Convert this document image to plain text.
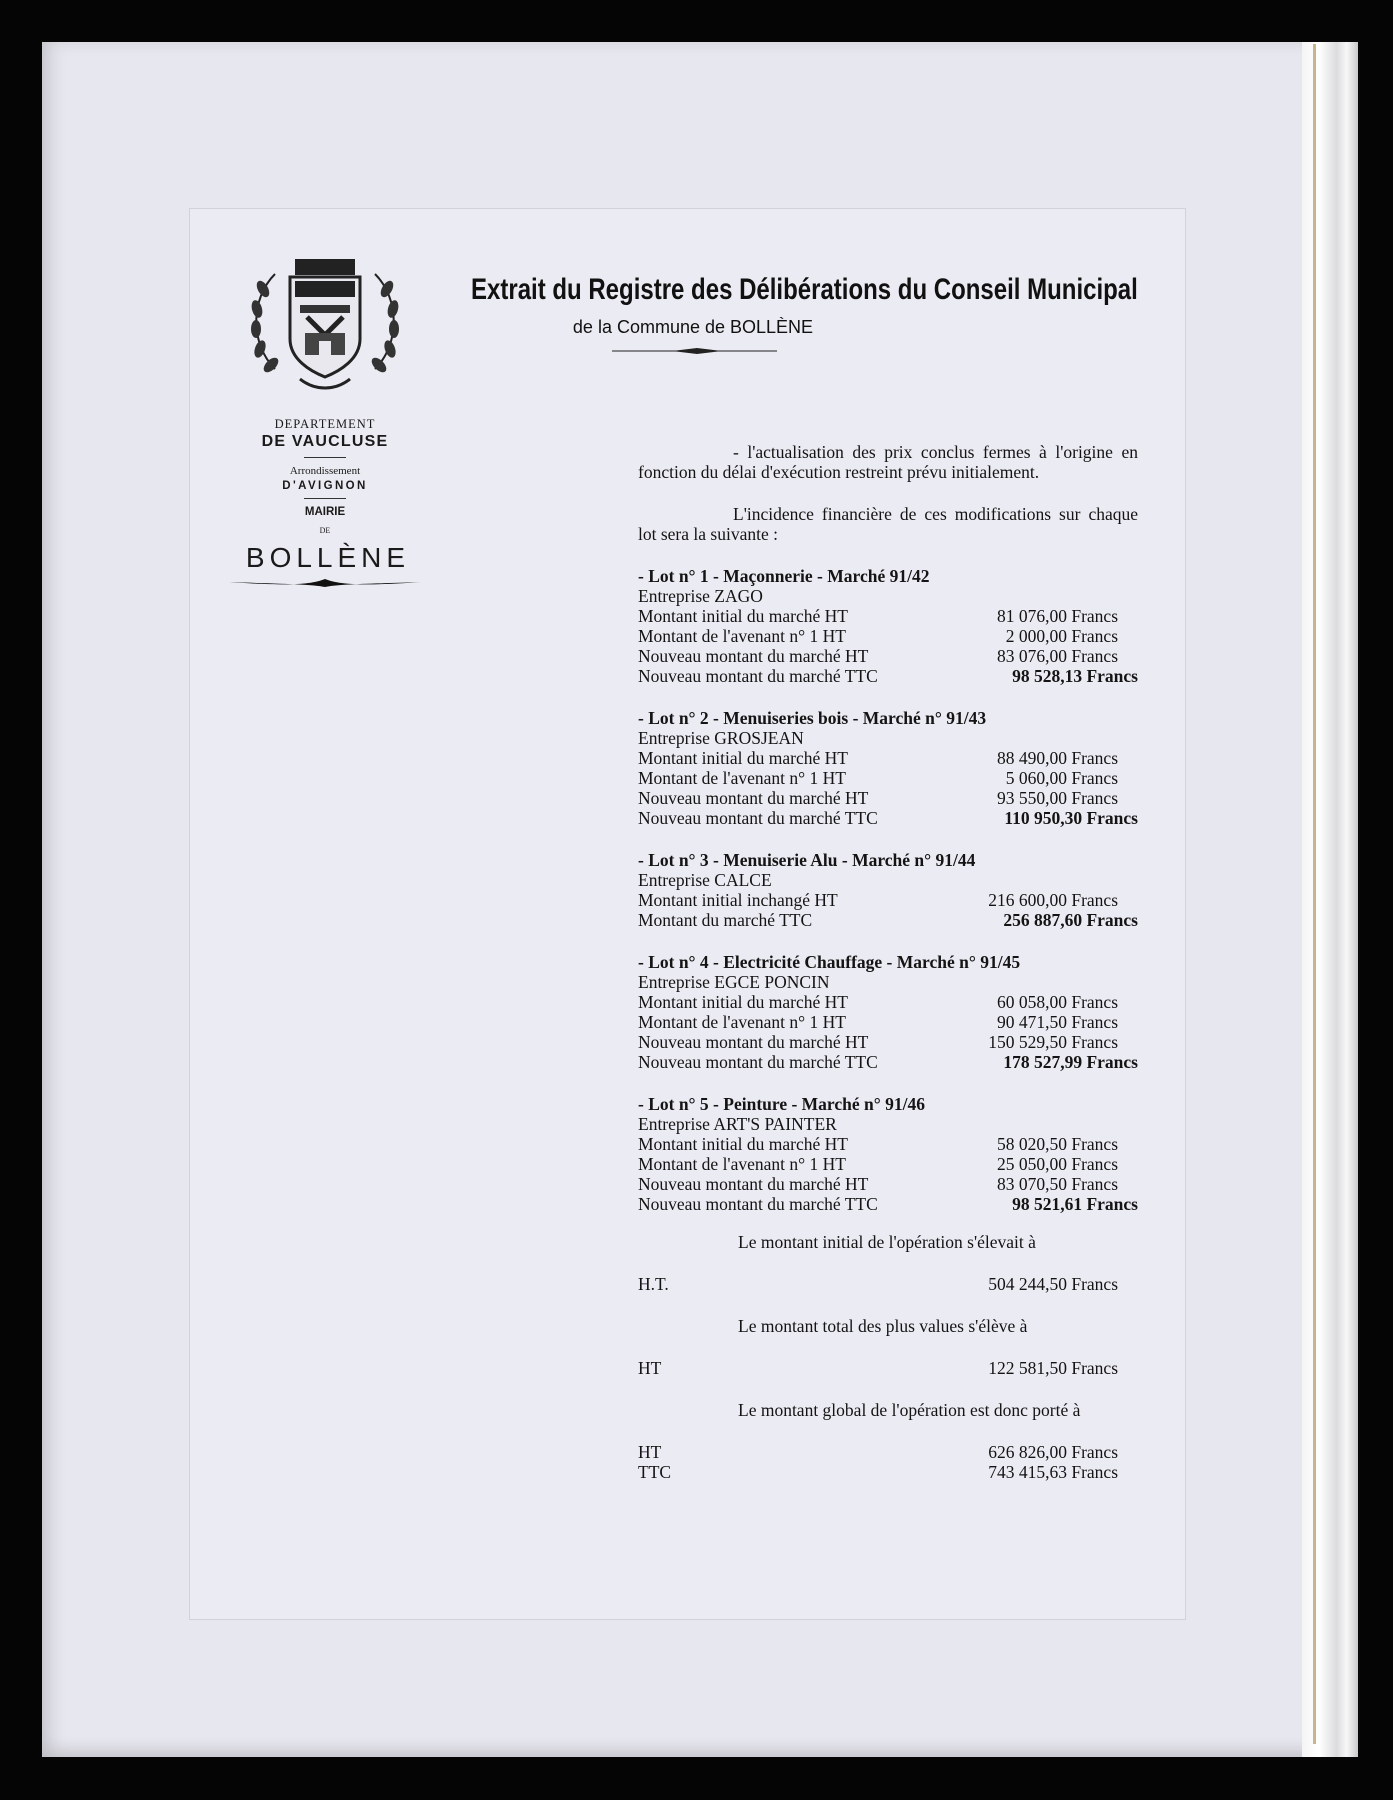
DEPARTEMENT
DE VAUCLUSE
Arrondissement
D'AVIGNON
MAIRIE
DE
BOLLÈNE
Extrait du Registre des Délibérations du Conseil Municipal
de la Commune de BOLLÈNE

- l'actualisation des prix conclus fermes à l'origine en fonction du délai d'exécution restreint prévu initialement.

L'incidence financière de ces modifications sur chaque lot sera la suivante :

- Lot n° 1 - Maçonnerie - Marché 91/42
Entreprise ZAGO
Montant initial du marché HT	81 076,00 Francs
Montant de l'avenant n° 1 HT	2 000,00 Francs
Nouveau montant du marché HT	83 076,00 Francs
Nouveau montant du marché TTC	98 528,13 Francs
- Lot n° 2 - Menuiseries bois - Marché n° 91/43
Entreprise GROSJEAN
Montant initial du marché HT	88 490,00 Francs
Montant de l'avenant n° 1 HT	5 060,00 Francs
Nouveau montant du marché HT	93 550,00 Francs
Nouveau montant du marché TTC	110 950,30 Francs
- Lot n° 3 - Menuiserie Alu - Marché n° 91/44
Entreprise CALCE
Montant initial inchangé HT	216 600,00 Francs
Montant du marché TTC	256 887,60 Francs
- Lot n° 4 - Electricité Chauffage - Marché n° 91/45
Entreprise EGCE PONCIN
Montant initial du marché HT	60 058,00 Francs
Montant de l'avenant n° 1 HT	90 471,50 Francs
Nouveau montant du marché HT	150 529,50 Francs
Nouveau montant du marché TTC	178 527,99 Francs
- Lot n° 5 - Peinture - Marché n° 91/46
Entreprise ART'S PAINTER
Montant initial du marché HT	58 020,50 Francs
Montant de l'avenant n° 1 HT	25 050,00 Francs
Nouveau montant du marché HT	83 070,50 Francs
Nouveau montant du marché TTC	98 521,61 Francs
Le montant initial de l'opération s'élevait à
H.T.	504 244,50 Francs
Le montant total des plus values s'élève à
HT	122 581,50 Francs
Le montant global de l'opération est donc porté à
HT	626 826,00 Francs
TTC	743 415,63 Francs
